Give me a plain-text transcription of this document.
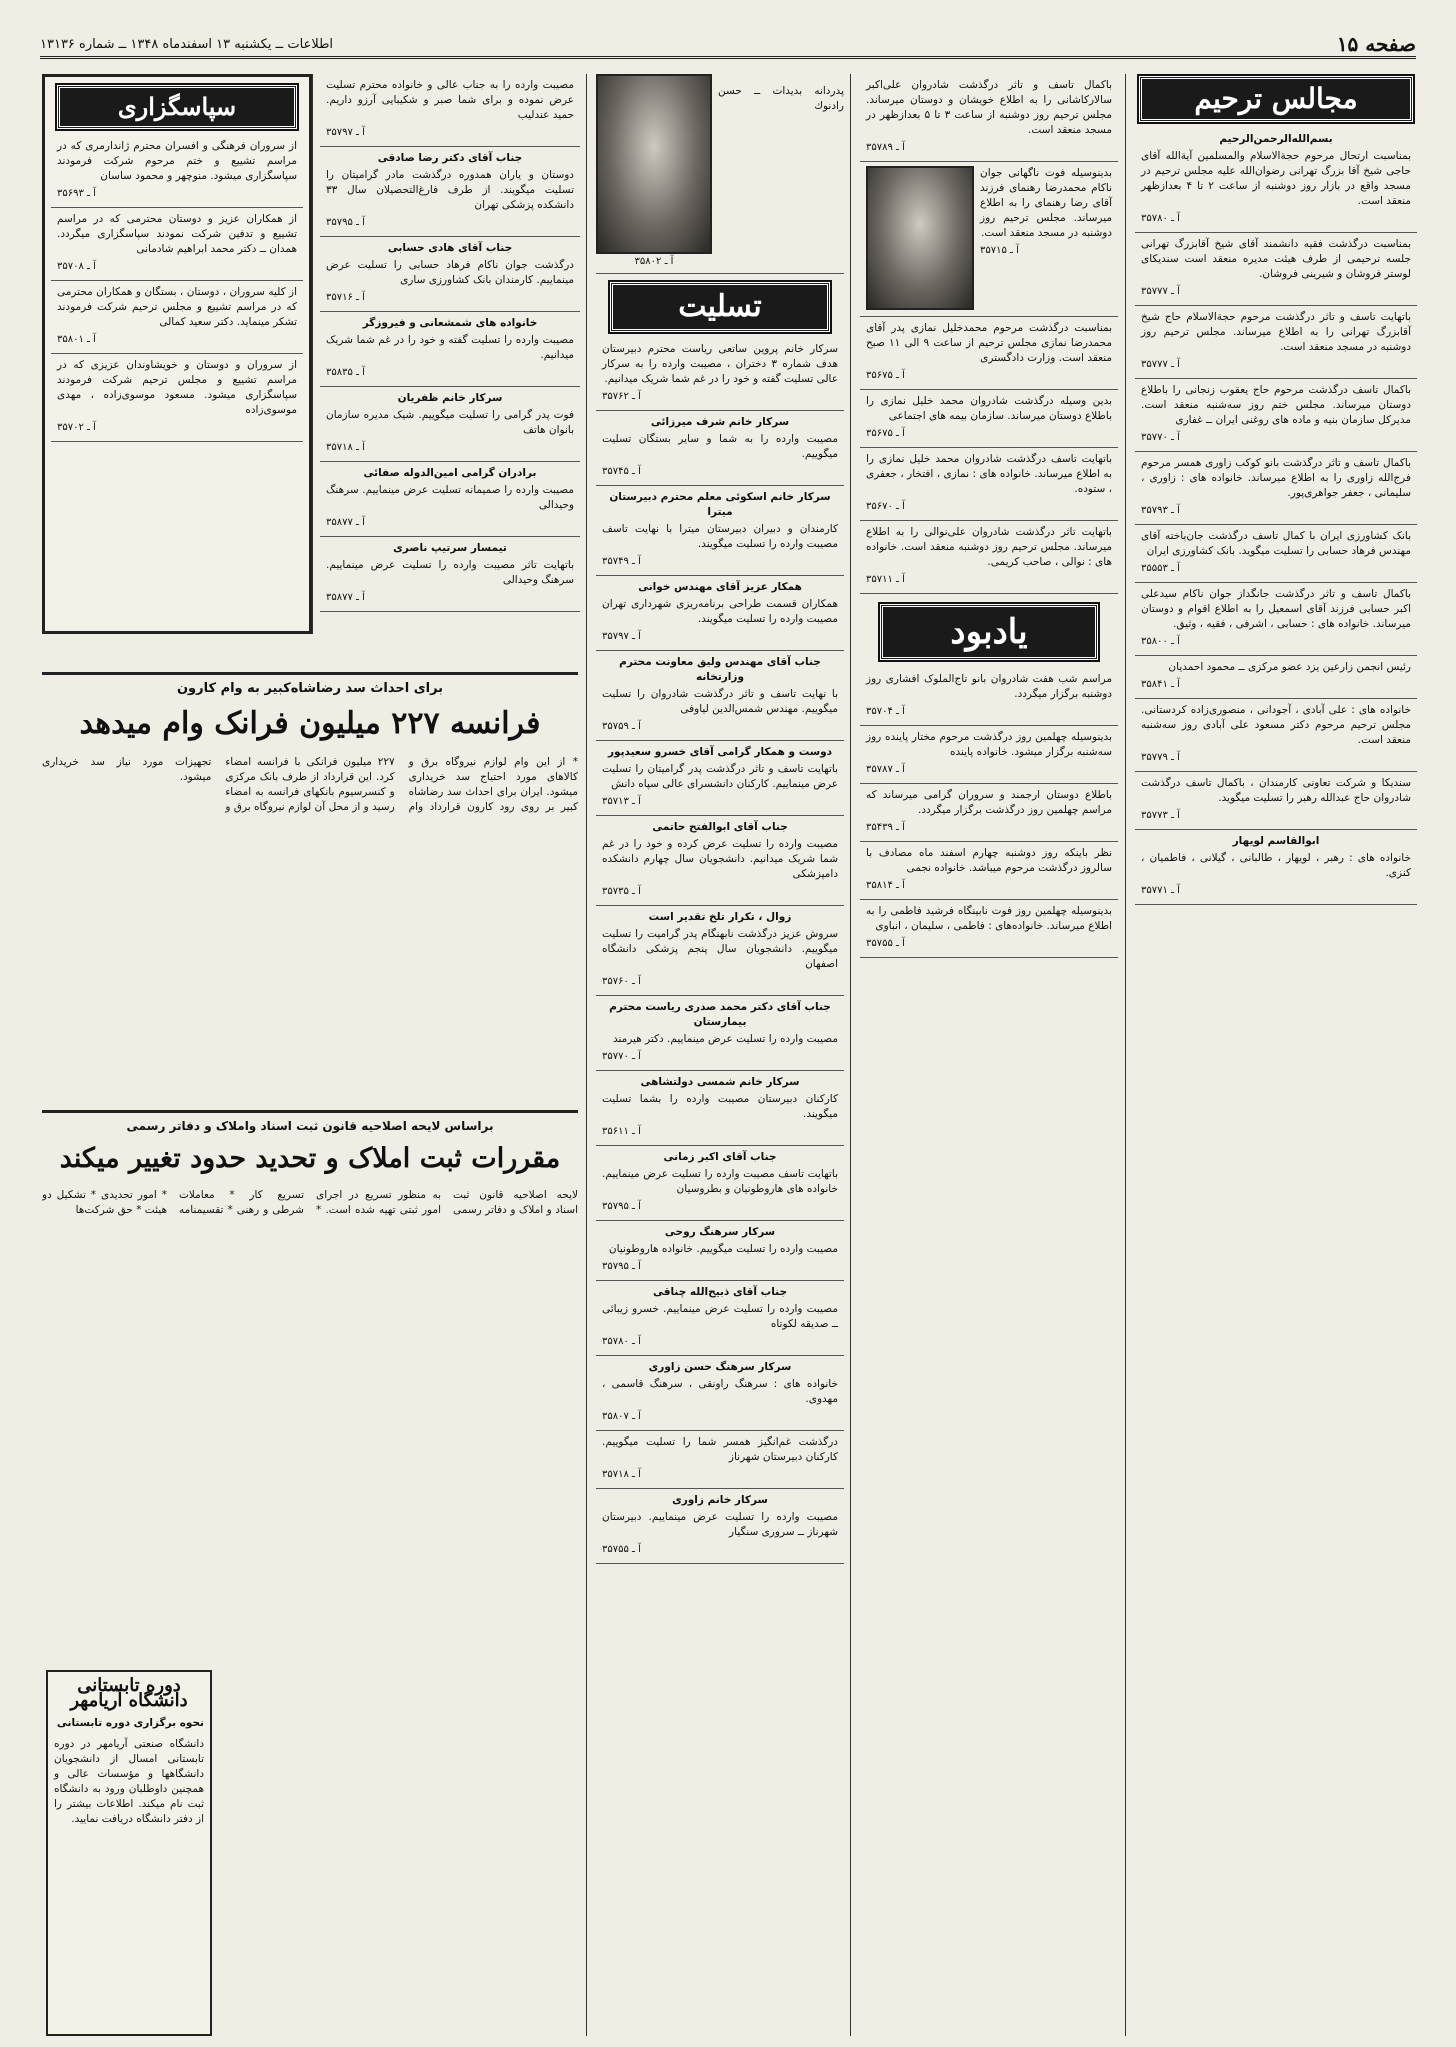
صفحه ۱۵
اطلاعات ــ یکشنبه ۱۳ اسفندماه ۱۳۴۸ ــ شماره ۱۳۱۳۶
مجالس ترحیم
بسم‌الله‌الرحمن‌الرحیم
بمناسبت ارتحال مرحوم حجةالاسلام والمسلمین آیةالله آقای حاجی شیخ آقا بزرگ تهرانی رضوان‌الله علیه مجلس ترحیم در مسجد واقع در بازار روز دوشنبه از ساعت ۲ تا ۴ بعدازظهر منعقد است.
آ ـ ۳۵۷۸۰
بمناسبت درگذشت فقیه دانشمند آقای شیخ آقابزرگ تهرانی جلسه ترحیمی از طرف هیئت مدیره منعقد است سندیکای لوستر فروشان و شیرینی فروشان.
آ ـ ۳۵۷۷۷
باتهایت تاسف و تاثر درگذشت مرحوم حجةالاسلام حاج شیخ آقابزرگ تهرانی را به اطلاع میرساند. مجلس ترحیم روز دوشنبه در مسجد منعقد است.
آ ـ ۳۵۷۷۷
باکمال تاسف درگذشت مرحوم حاج یعقوب زنجانی را باطلاع دوستان میرساند. مجلس ختم روز سه‌شنبه منعقد است. مدیرکل سازمان بنیه و ماده های روغنی ایران ــ غفاری
آ ـ ۳۵۷۷۰
باکمال تاسف و تاثر درگذشت بانو کوکب زاوری همسر مرحوم فرج‌الله زاوری را به اطلاع میرساند. خانواده های : زاوری ، سلیمانی ، جعفر جواهری‌پور.
آ ـ ۳۵۷۹۳
بانک کشاورزی ایران با کمال تاسف درگذشت جان‌باخته آقای مهندس فرهاد حسابی را تسلیت میگوید. بانک کشاورزی ایران
آ ـ ۳۵۵۵۳
باکمال تاسف و تاثر درگذشت جانگداز جوان ناکام سیدعلی اکبر حسابی فرزند آقای اسمعیل را به اطلاع اقوام و دوستان میرساند. خانواده های : حسابی ، اشرفی ، فقیه ، وثیق.
آ ـ ۳۵۸۰۰
رئیس انجمن زارعین یزد عضو مرکزی ــ محمود احمدیان
آ ـ ۳۵۸۴۱
خانواده های : علی آبادی ، آجودانی ، منصوری‌زاده کردستانی. مجلس ترحیم مرحوم دکتر مسعود علی آبادی روز سه‌شنبه منعقد است.
آ ـ ۳۵۷۷۹
سندیکا و شرکت تعاونی کارمندان ، باکمال تاسف درگذشت شادروان حاج عبدالله رهبر را تسلیت میگوید.
آ ـ ۳۵۷۷۳
ابوالقاسم لویهار
خانواده های : رهبر ، لویهار ، طالبانی ، گیلانی ، فاطمیان ، کنزی.
آ ـ ۳۵۷۷۱
باکمال تاسف و تاثر درگذشت شادروان علی‌اکبر سالارکاشانی را به اطلاع خویشان و دوستان میرساند. مجلس ترحیم روز دوشنبه از ساعت ۳ تا ۵ بعدازظهر در مسجد منعقد است.
آ ـ ۳۵۷۸۹
بدینوسیله فوت ناگهانی جوان ناکام محمدرضا رهنمای فرزند آقای رضا رهنمای را به اطلاع میرساند. مجلس ترحیم روز دوشنبه در مسجد منعقد است.
آ ـ ۳۵۷۱۵
بمناسبت درگذشت مرحوم محمدخلیل نمازی پدر آقای محمدرضا نمازی مجلس ترحیم از ساعت ۹ الی ۱۱ صبح منعقد است. وزارت دادگستری
آ ـ ۳۵۶۷۵
بدین وسیله درگذشت شادروان محمد خلیل نمازی را باطلاع دوستان میرساند. سازمان بیمه های اجتماعی
آ ـ ۳۵۶۷۵
باتهایت تاسف درگذشت شادروان محمد خلیل نمازی را به اطلاع میرساند. خانواده های : نمازی ، افتخار ، جعفری ، ستوده.
آ ـ ۳۵۶۷۰
باتهایت تاثر درگذشت شادروان علی‌نوالی را به اطلاع میرساند. مجلس ترحیم روز دوشنبه منعقد است. خانواده های : نوالی ، صاحب کریمی.
آ ـ ۳۵۷۱۱
یادبود
مراسم شب هفت شادروان بانو تاج‌الملوک افشاری روز دوشنبه برگزار میگردد.
آ ـ ۳۵۷۰۴
بدینوسیله چهلمین روز درگذشت مرحوم مختار پاینده روز سه‌شنبه برگزار میشود. خانواده پاینده
آ ـ ۳۵۷۸۷
باطلاع دوستان ارجمند و سروران گرامی میرساند که مراسم چهلمین روز درگذشت برگزار میگردد.
آ ـ ۳۵۴۳۹
نظر باینکه روز دوشنبه چهارم اسفند ماه مصادف با سالروز درگذشت مرحوم میباشد. خانواده نجمی
آ ـ ۳۵۸۱۴
بدینوسیله چهلمین روز فوت نابینگاه فرشید فاطمی را به اطلاع میرساند. خانواده‌های : فاطمی ، سلیمان ، انباوی
آ ـ ۳۵۷۵۵
پدردانه بدیدات ــ حسن رادنوك
آ ـ ۳۵۸۰۲
تسلیت
سرکار خانم پروین ساتعی ریاست محترم دبیرستان هدف شماره ۳ دختران ، مصیبت وارده را به سرکار عالی تسلیت گفته و خود را در غم شما شریک میدانیم.
آ ـ ۳۵۷۶۲
سرکار خانم شرف میرزائی
مصیبت وارده را به شما و سایر بستگان تسلیت میگوییم.
آ ـ ۳۵۷۴۵
سرکار خانم اسکوئی معلم محترم دبیرستان میترا
کارمندان و دبیران دبیرستان میترا با نهایت تاسف مصیبت وارده را تسلیت میگویند.
آ ـ ۳۵۷۴۹
همکار عزیز آقای مهندس خوانی
همکاران قسمت طراحی برنامه‌ریزی شهرداری تهران مصیبت وارده را تسلیت میگویند.
آ ـ ۳۵۷۹۷
جناب آقای مهندس ولیق معاونت محترم وزارتخانه
با نهایت تاسف و تاثر درگذشت شادروان را تسلیت میگوییم. مهندس شمس‌الدین لیاوفی
آ ـ ۳۵۷۵۹
دوست و همکار گرامی آقای خسرو سعیدپور
باتهایت تاسف و تاثر درگذشت پدر گرامیتان را تسلیت عرض مینماییم. کارکنان دانشسرای عالی سپاه دانش
آ ـ ۳۵۷۱۳
جناب آقای ابوالفتح حاتمی
مصیبت وارده را تسلیت عرض کرده و خود را در غم شما شریک میدانیم. دانشجویان سال چهارم دانشکده دامپزشکی
آ ـ ۳۵۷۳۵
زوال ، تکرار تلخ تقدیر است
سروش عزیز درگذشت نابهنگام پدر گرامیت را تسلیت میگوییم. دانشجویان سال پنجم پزشکی دانشگاه اصفهان
آ ـ ۳۵۷۶۰
جناب آقای دکتر محمد صدری ریاست محترم بیمارستان
مصیبت وارده را تسلیت عرض مینماییم. دکتر هیرمند
آ ـ ۳۵۷۷۰
سرکار خانم شمسی دولتشاهی
کارکنان دبیرستان مصیبت وارده را بشما تسلیت میگویند.
آ ـ ۳۵۶۱۱
جناب آقای اکبر زمانی
باتهایت تاسف مصیبت وارده را تسلیت عرض مینماییم. خانواده های هاروطونیان و بطروسیان
آ ـ ۳۵۷۹۵
سرکار سرهنگ روحی
مصیبت وارده را تسلیت میگوییم. خانواده هاروطونیان
آ ـ ۳۵۷۹۵
جناب آقای ذبیح‌الله چناقی
مصیبت وارده را تسلیت عرض مینماییم. خسرو زیبائی ــ صدیقه لکوتاه
آ ـ ۳۵۷۸۰
سرکار سرهنگ حسن زاوری
خانواده های : سرهنگ راونقی ، سرهنگ قاسمی ، مهدوی.
آ ـ ۳۵۸۰۷
درگذشت غم‌انگیز همسر شما را تسلیت میگوییم. کارکنان دبیرستان شهرناز
آ ـ ۳۵۷۱۸
سرکار خانم زاوری
مصیبت وارده را تسلیت عرض مینماییم. دبیرستان شهرناز ــ سروری سنگیار
آ ـ ۳۵۷۵۵
مصیبت وارده را به جناب عالی و خانواده محترم تسلیت عرض نموده و برای شما صبر و شکیبایی آرزو داریم. حمید عندلیب
آ ـ ۳۵۷۹۷
جناب آقای دکتر رضا صادقی
دوستان و یاران همدوره درگذشت مادر گرامیتان را تسلیت میگویند. از طرف فارغ‌التحصیلان سال ۳۳ دانشکده پزشکی تهران
آ ـ ۳۵۷۹۵
جناب آقای هادی حسابی
درگذشت جوان ناکام فرهاد حسابی را تسلیت عرض مینماییم. کارمندان بانک کشاورزی ساری
آ ـ ۳۵۷۱۶
خانواده های شمشعانی و فیروزگر
مصیبت وارده را تسلیت گفته و خود را در غم شما شریک میدانیم.
آ ـ ۳۵۸۳۵
سرکار خانم ظفریان
فوت پدر گرامی را تسلیت میگوییم. شیک مدیره سازمان بانوان هاتف
آ ـ ۳۵۷۱۸
برادران گرامی امین‌الدوله صفائی
مصیبت وارده را صمیمانه تسلیت عرض مینماییم. سرهنگ وحیدالی
آ ـ ۳۵۸۷۷
تیمسار سرتیپ ناصری
باتهایت تاثر مصیبت وارده را تسلیت عرض مینماییم. سرهنگ وحیدالی
آ ـ ۳۵۸۷۷
سپاسگزاری
از سروران فرهنگی و افسران محترم ژاندارمری که در مراسم تشییع و ختم مرحوم شرکت فرمودند سپاسگزاری میشود. منوچهر و محمود ساسان
آ ـ ۳۵۶۹۳
از همکاران عزیز و دوستان محترمی که در مراسم تشییع و تدفین شرکت نمودند سپاسگزاری میگردد. همدان ــ دکتر محمد ابراهیم شادمانی
آ ـ ۳۵۷۰۸
از کلیه سروران ، دوستان ، بستگان و همکاران محترمی که در مراسم تشییع و مجلس ترحیم شرکت فرمودند تشکر مینماید. دکتر سعید کمالی
آ ـ ۳۵۸۰۱
از سروران و دوستان و خویشاوندان عزیزی که در مراسم تشییع و مجلس ترحیم شرکت فرمودند سپاسگزاری میشود. مسعود موسوی‌زاده ، مهدی موسوی‌زاده
آ ـ ۳۵۷۰۲
برای احداث سد رضاشاه‌کبیر به وام کارون
فرانسه ۲۲۷ میلیون فرانک وام میدهد
* از این وام لوازم نیروگاه برق و کالاهای مورد احتیاج سد خریداری میشود. ایران برای احداث سد رضاشاه کبیر بر روی رود کارون قرارداد وام ۲۲۷ میلیون فرانکی با فرانسه امضاء کرد. این قرارداد از طرف بانک مرکزی و کنسرسیوم بانکهای فرانسه به امضاء رسید و از محل آن لوازم نیروگاه برق و تجهیزات مورد نیاز سد خریداری میشود.
براساس لایحه اصلاحیه قانون ثبت اسناد واملاک و دفاتر رسمی
مقررات ثبت املاک و تحدید حدود تغییر میکند
لایحه اصلاحیه قانون ثبت اسناد و املاک و دفاتر رسمی به منظور تسریع در اجرای امور ثبتی تهیه شده است. * تسریع کار * معاملات شرطی و رهنی * تقسیمنامه * امور تحدیدی * تشکیل دو هیئت * حق شرکت‌ها
دوره تابستانی
دانشگاه آریامهر
نحوه برگزاری دوره تابستانی
دانشگاه صنعتی آریامهر در دوره تابستانی امسال از دانشجویان دانشگاهها و مؤسسات عالی و همچنین داوطلبان ورود به دانشگاه ثبت نام میکند. اطلاعات بیشتر را از دفتر دانشگاه دریافت نمایید.
